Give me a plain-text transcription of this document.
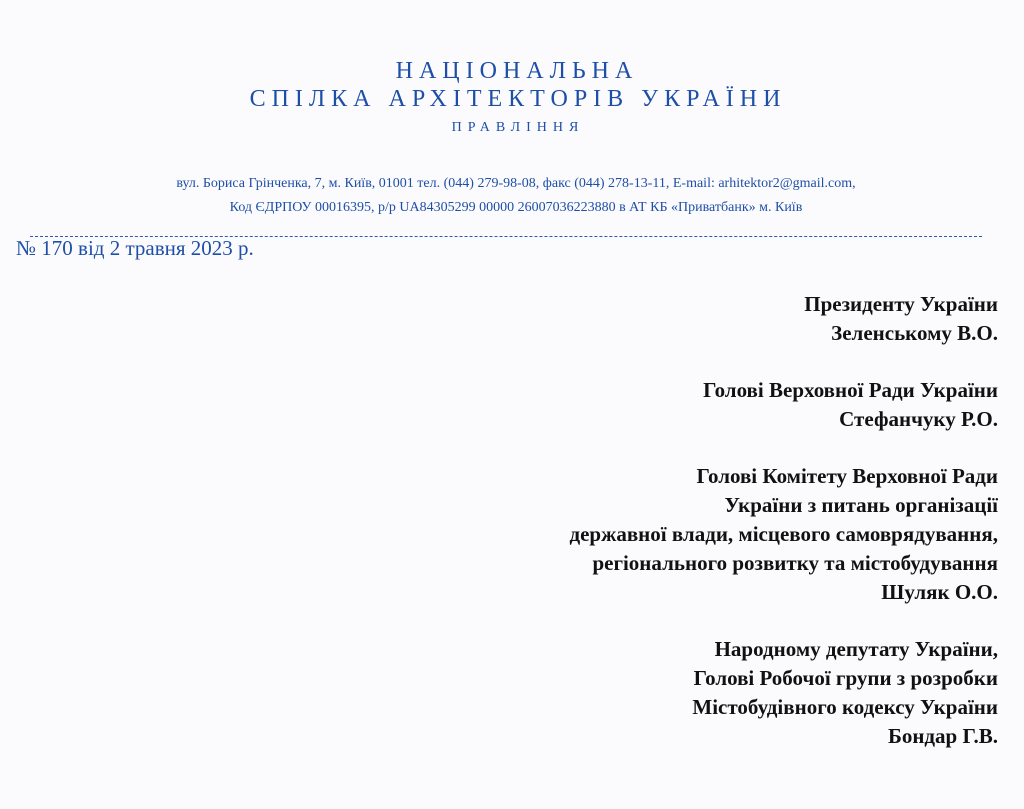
НАЦІОНАЛЬНА
СПІЛКА АРХІТЕКТОРІВ УКРАЇНИ
ПРАВЛІННЯ
вул. Бориса Грінченка, 7, м. Київ, 01001 тел. (044) 279-98-08, факс (044) 278-13-11, E-mail: arhitektor2@gmail.com,
Код ЄДРПОУ 00016395, р/р UA84305299 00000 26007036223880 в АТ КБ «Приватбанк» м. Київ
№ 170 від 2 травня 2023 р.
Президенту України
Зеленському В.О.
Голові Верховної Ради України
Стефанчуку Р.О.
Голові Комітету Верховної Ради
України з питань організації
державної влади, місцевого самоврядування,
регіонального розвитку та містобудування
Шуляк О.О.
Народному депутату України,
Голові Робочої групи з розробки
Містобудівного кодексу України
Бондар Г.В.
